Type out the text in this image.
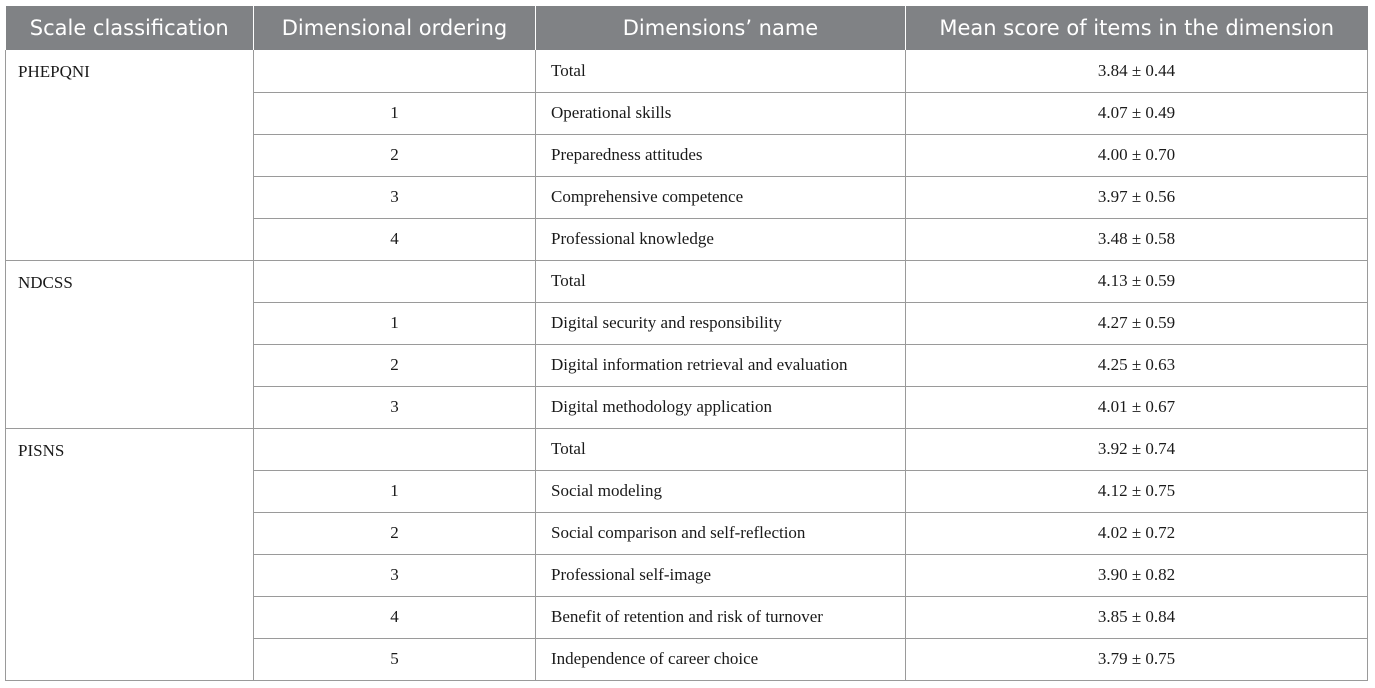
Scale classification	Dimensional ordering	Dimensions’ name	Mean score of items in the dimension
PHEPQNI		Total	3.84 ± 0.44
	1	Operational skills	4.07 ± 0.49
	2	Preparedness attitudes	4.00 ± 0.70
	3	Comprehensive competence	3.97 ± 0.56
	4	Professional knowledge	3.48 ± 0.58
NDCSS		Total	4.13 ± 0.59
	1	Digital security and responsibility	4.27 ± 0.59
	2	Digital information retrieval and evaluation	4.25 ± 0.63
	3	Digital methodology application	4.01 ± 0.67
PISNS		Total	3.92 ± 0.74
	1	Social modeling	4.12 ± 0.75
	2	Social comparison and self-reflection	4.02 ± 0.72
	3	Professional self-image	3.90 ± 0.82
	4	Benefit of retention and risk of turnover	3.85 ± 0.84
	5	Independence of career choice	3.79 ± 0.75
